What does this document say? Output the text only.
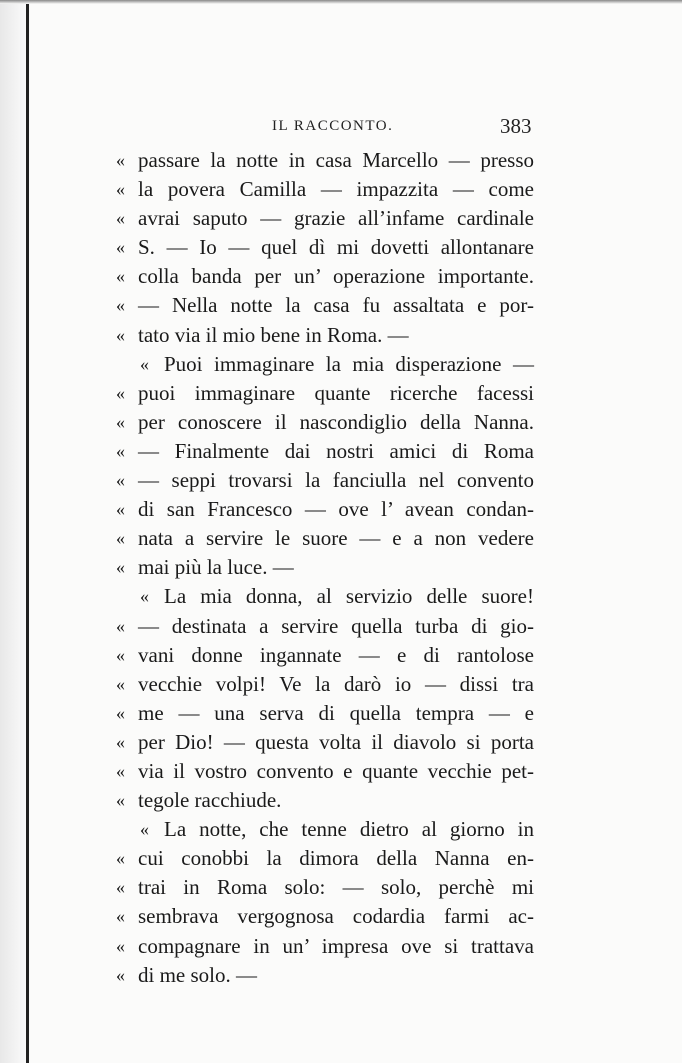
IL RACCONTO.	383
« passare la notte in casa Marcello — presso
« la povera Camilla — impazzita — come
« avrai saputo — grazie all’infame cardinale
« S. — Io — quel dì mi dovetti allontanare
« colla banda per un’ operazione importante.
« — Nella notte la casa fu assaltata e por-
« tato via il mio bene in Roma. —
« Puoi immaginare la mia disperazione —
« puoi immaginare quante ricerche facessi
« per conoscere il nascondiglio della Nanna.
« — Finalmente dai nostri amici di Roma
« — seppi trovarsi la fanciulla nel convento
« di san Francesco — ove l’ avean condan-
« nata a servire le suore — e a non vedere
« mai più la luce. —
« La mia donna, al servizio delle suore!
« — destinata a servire quella turba di gio-
« vani donne ingannate — e di rantolose
« vecchie volpi! Ve la darò io — dissi tra
« me — una serva di quella tempra — e
« per Dio! — questa volta il diavolo si porta
« via il vostro convento e quante vecchie pet-
« tegole racchiude.
« La notte, che tenne dietro al giorno in
« cui conobbi la dimora della Nanna en-
« trai in Roma solo: — solo, perchè mi
« sembrava vergognosa codardia farmi ac-
« compagnare in un’ impresa ove si trattava
« di me solo. —
